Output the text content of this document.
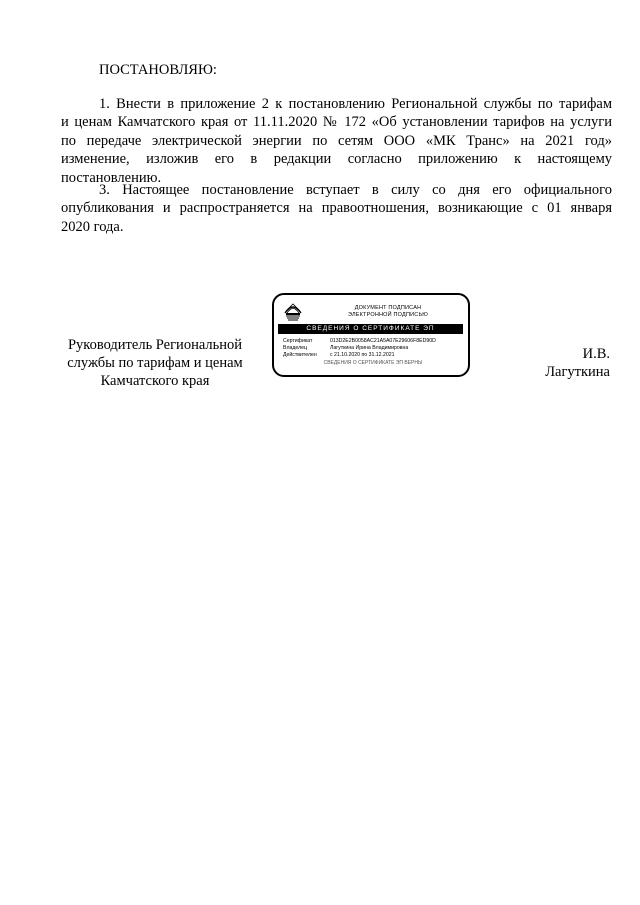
ПОСТАНОВЛЯЮ:
1. Внести в приложение 2 к постановлению Региональной службы по тарифам
и ценам Камчатского края от 11.11.2020 № 172 «Об установлении тарифов на услуги
по передаче электрической энергии по сетям ООО «МК Транс» на 2021 год»
изменение, изложив его в редакции согласно приложению к настоящему
постановлению.
3. Настоящее постановление вступает в силу со дня его официального
опубликования и распространяется на правоотношения, возникающие с 01 января
2020 года.
Руководитель Региональной
службы по тарифам и ценам
Камчатского края
ДОКУМЕНТ ПОДПИСАН
ЭЛЕКТРОННОЙ ПОДПИСЬЮ
СВЕДЕНИЯ О СЕРТИФИКАТЕ ЭП
Сертификат	013D2E2B0058AC21A5A07E29606F8ED90D
Владелец	Лагуткина Ирина Владимировна
Действителен	с 21.10.2020 по 31.12.2021
СВЕДЕНИЯ О СЕРТИФИКАТЕ ЭП ВЕРНЫ
И.В.
Лагуткина
